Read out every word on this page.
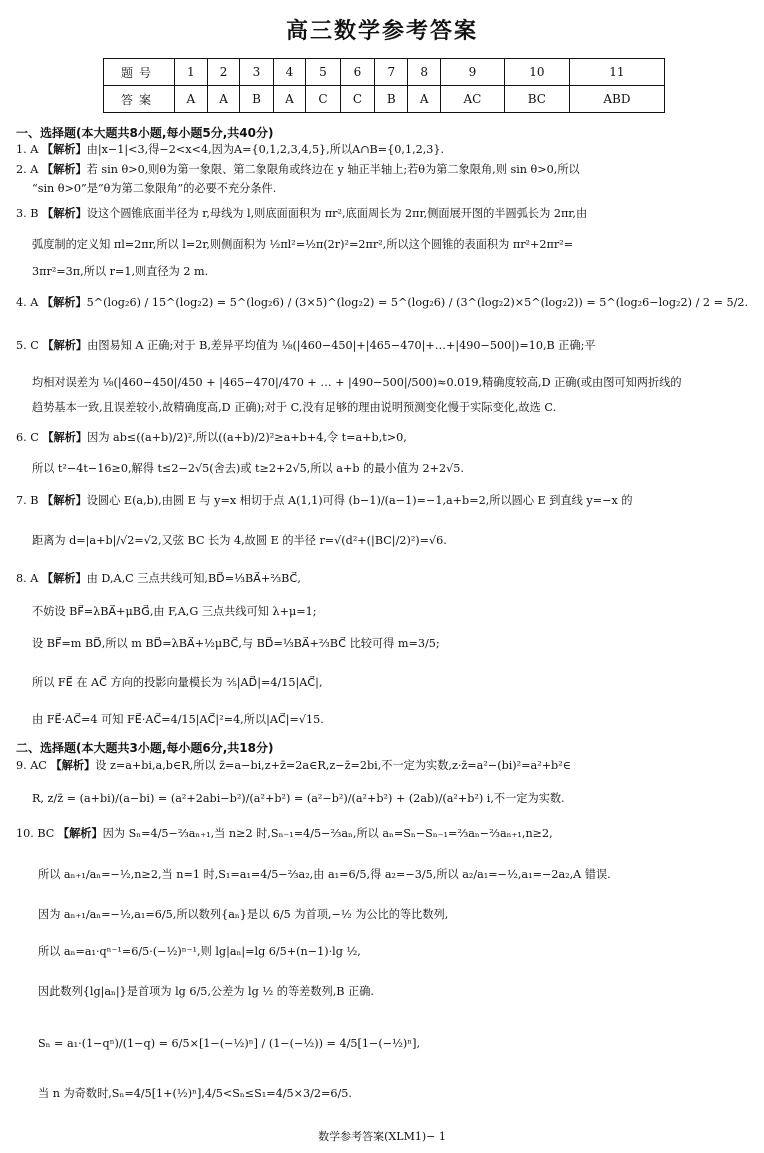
高三数学参考答案
题号	1	2	3	4	5	6	7	8	9	10	11
答案	A	A	B	A	C	C	B	A	AC	BC	ABD
一、选择题(本大题共8小题,每小题5分,共40分)
1. A 【解析】由|x−1|<3,得−2<x<4,因为A={0,1,2,3,4,5},所以A∩B={0,1,2,3}.
2. A 【解析】若 sin θ>0,则θ为第一象限、第二象限角或终边在 y 轴正半轴上;若θ为第二象限角,则 sin θ>0,所以
“sin θ>0”是“θ为第二象限角”的必要不充分条件.
3. B 【解析】设这个圆锥底面半径为 r,母线为 l,则底面面积为 πr²,底面周长为 2πr,侧面展开图的半圆弧长为 2πr,由
弧度制的定义知 πl=2πr,所以 l=2r,则侧面积为 ½πl²=½π(2r)²=2πr²,所以这个圆锥的表面积为 πr²+2πr²=
3πr²=3π,所以 r=1,则直径为 2 m.
4. A 【解析】5^(log₂6) / 15^(log₂2) = 5^(log₂6) / (3×5)^(log₂2) = 5^(log₂6) / (3^(log₂2)×5^(log₂2)) = 5^(log₂6−log₂2) / 2 = 5/2.
5. C 【解析】由图易知 A 正确;对于 B,差异平均值为 ⅛(|460−450|+|465−470|+…+|490−500|)=10,B 正确;平
均相对误差为 ⅛(|460−450|/450 + |465−470|/470 + … + |490−500|/500)≈0.019,精确度较高,D 正确(或由图可知两折线的
趋势基本一致,且误差较小,故精确度高,D 正确);对于 C,没有足够的理由说明预测变化慢于实际变化,故选 C.
6. C 【解析】因为 ab≤((a+b)/2)²,所以((a+b)/2)²≥a+b+4,令 t=a+b,t>0,
所以 t²−4t−16≥0,解得 t≤2−2√5(舍去)或 t≥2+2√5,所以 a+b 的最小值为 2+2√5.
7. B 【解析】设圆心 E(a,b),由圆 E 与 y=x 相切于点 A(1,1)可得 (b−1)/(a−1)=−1,a+b=2,所以圆心 E 到直线 y=−x 的
距离为 d=|a+b|/√2=√2,又弦 BC 长为 4,故圆 E 的半径 r=√(d²+(|BC|/2)²)=√6.
8. A 【解析】由 D,A,C 三点共线可知,BD⃗=⅓BA⃗+⅔BC⃗,
不妨设 BF⃗=λBA⃗+μBG⃗,由 F,A,G 三点共线可知 λ+μ=1;
设 BF⃗=m BD⃗,所以 m BD⃗=λBA⃗+½μBC⃗,与 BD⃗=⅓BA⃗+⅔BC⃗ 比较可得 m=3/5;
所以 FE⃗ 在 AC⃗ 方向的投影向量模长为 ⅖|AD⃗|=4/15|AC⃗|,
由 FE⃗·AC⃗=4 可知 FE⃗·AC⃗=4/15|AC⃗|²=4,所以|AC⃗|=√15.
二、选择题(本大题共3小题,每小题6分,共18分)
9. AC 【解析】设 z=a+bi,a,b∈R,所以 z̄=a−bi,z+z̄=2a∈R,z−z̄=2bi,不一定为实数,z·z̄=a²−(bi)²=a²+b²∈
R, z/z̄ = (a+bi)/(a−bi) = (a²+2abi−b²)/(a²+b²) = (a²−b²)/(a²+b²) + (2ab)/(a²+b²) i,不一定为实数.
10. BC 【解析】因为 Sₙ=4/5−⅔aₙ₊₁,当 n≥2 时,Sₙ₋₁=4/5−⅔aₙ,所以 aₙ=Sₙ−Sₙ₋₁=⅔aₙ−⅔aₙ₊₁,n≥2,
所以 aₙ₊₁/aₙ=−½,n≥2,当 n=1 时,S₁=a₁=4/5−⅔a₂,由 a₁=6/5,得 a₂=−3/5,所以 a₂/a₁=−½,a₁=−2a₂,A 错误.
因为 aₙ₊₁/aₙ=−½,a₁=6/5,所以数列{aₙ}是以 6/5 为首项,−½ 为公比的等比数列,
所以 aₙ=a₁·qⁿ⁻¹=6/5·(−½)ⁿ⁻¹,则 lg|aₙ|=lg 6/5+(n−1)·lg ½,
因此数列{lg|aₙ|}是首项为 lg 6/5,公差为 lg ½ 的等差数列,B 正确.
Sₙ = a₁·(1−qⁿ)/(1−q) = 6/5×[1−(−½)ⁿ] / (1−(−½)) = 4/5[1−(−½)ⁿ],
当 n 为奇数时,Sₙ=4/5[1+(½)ⁿ],4/5<Sₙ≤S₁=4/5×3/2=6/5.
数学参考答案(XLM1)− 1
